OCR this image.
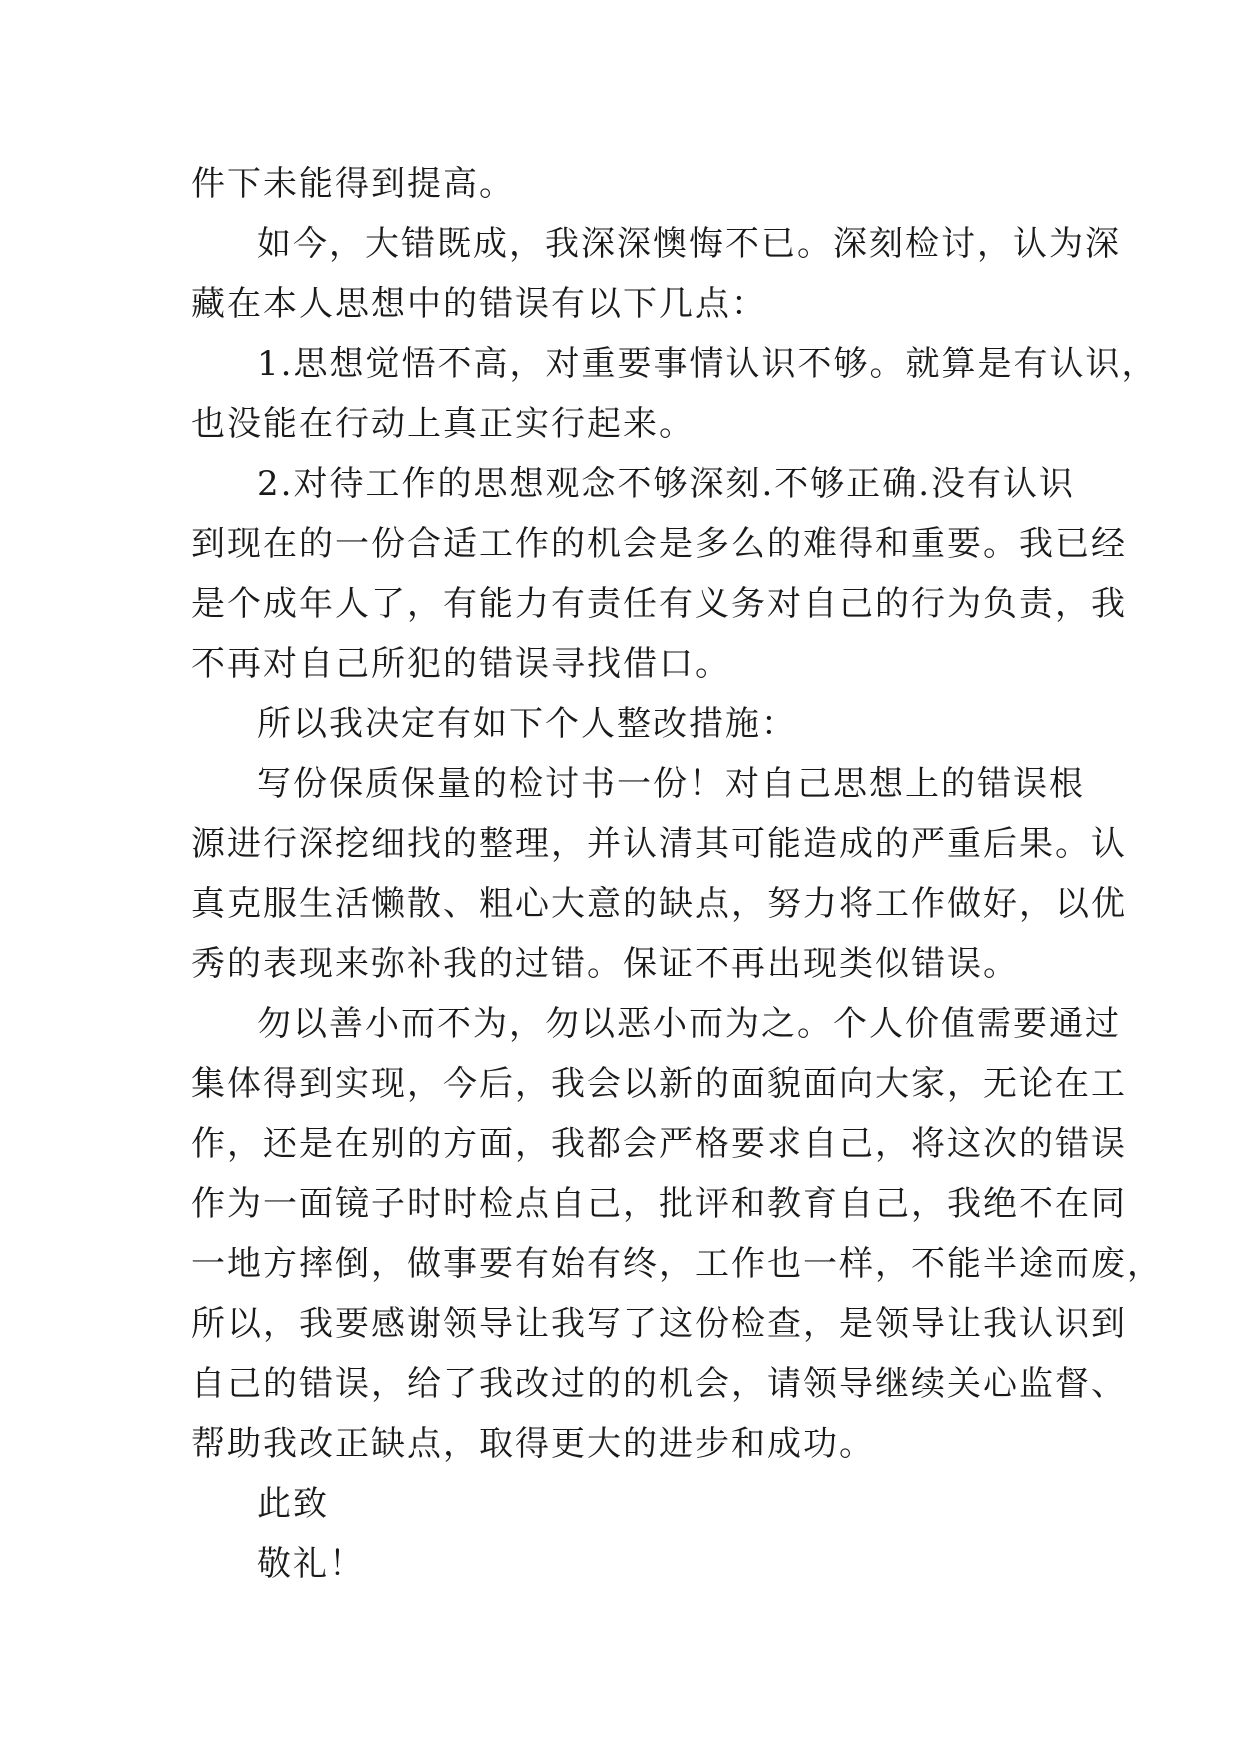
件下未能得到提高。
如今，大错既成，我深深懊悔不已。深刻检讨，认为深
藏在本人思想中的错误有以下几点：
1.思想觉悟不高，对重要事情认识不够。就算是有认识，
也没能在行动上真正实行起来。
2.对待工作的思想观念不够深刻.不够正确.没有认识
到现在的一份合适工作的机会是多么的难得和重要。我已经
是个成年人了，有能力有责任有义务对自己的行为负责，我
不再对自己所犯的错误寻找借口。
所以我决定有如下个人整改措施：
写份保质保量的检讨书一份！对自己思想上的错误根
源进行深挖细找的整理，并认清其可能造成的严重后果。认
真克服生活懒散、粗心大意的缺点，努力将工作做好，以优
秀的表现来弥补我的过错。保证不再出现类似错误。
勿以善小而不为，勿以恶小而为之。个人价值需要通过
集体得到实现，今后，我会以新的面貌面向大家，无论在工
作，还是在别的方面，我都会严格要求自己，将这次的错误
作为一面镜子时时检点自己，批评和教育自己，我绝不在同
一地方摔倒，做事要有始有终，工作也一样，不能半途而废，
所以，我要感谢领导让我写了这份检查，是领导让我认识到
自己的错误，给了我改过的的机会，请领导继续关心监督、
帮助我改正缺点，取得更大的进步和成功。
此致
敬礼！
